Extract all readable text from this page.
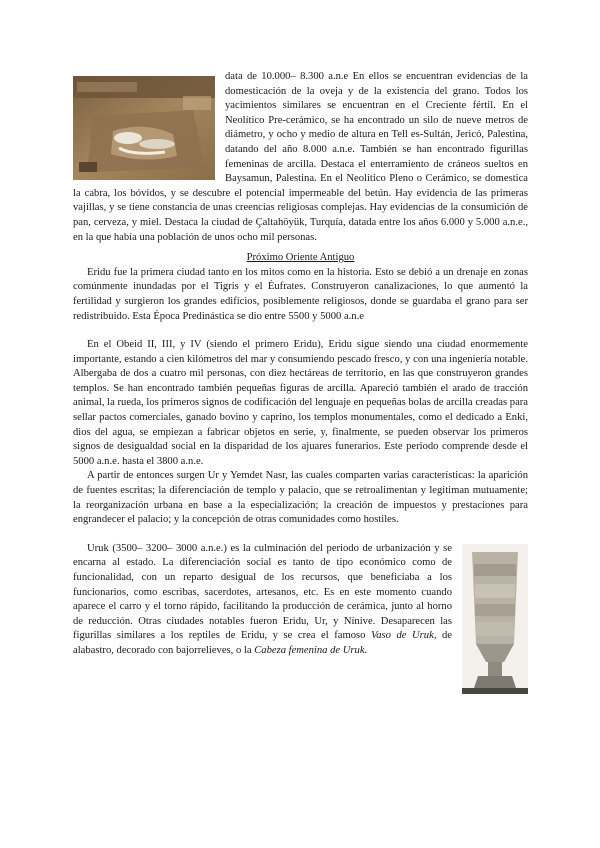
data de 10.000– 8.300 a.n.e En ellos se encuentran evidencias de la domesticación de la oveja y de la existencia del grano. Todos los yacimientos similares se encuentran en el Creciente fértil. En el Neolítico Pre-cerámico, se ha encontrado un silo de nueve metros de diámetro, y ocho y medio de altura en Tell es-Sultán, Jericó, Palestina, datando del año 8.000 a.n.e. También se han encontrado figurillas femeninas de arcilla. Destaca el enterramiento de cráneos sueltos en Baysamun, Palestina. En el Neolítico Pleno o Cerámico, se domestica la cabra, los bóvidos, y se descubre el potencial impermeable del betún. Hay evidencia de las primeras vajillas, y se tiene constancia de unas creencias religiosas complejas. Hay evidencias de la consumición de pan, cerveza, y miel. Destaca la ciudad de Çaltahöyük, Turquía, datada entre los años 6.000 y 5.000 a.n.e., en la que había una población de unos ocho mil personas.

Próximo Oriente Antiguo

Eridu fue la primera ciudad tanto en los mitos como en la historia. Esto se debió a un drenaje en zonas comúnmente inundadas por el Tigris y el Éufrates. Construyeron canalizaciones, lo que aumentó la fertilidad y surgieron los grandes edificios, posiblemente religiosos, donde se guardaba el grano para ser redistribuido. Esta Época Predinástica se dio entre 5500 y 5000 a.n.e

En el Obeid II, III, y IV (siendo el primero Eridu), Eridu sigue siendo una ciudad enormemente importante, estando a cien kilómetros del mar y consumiendo pescado fresco, y con una ingeniería notable. Albergaba de dos a cuatro mil personas, con diez hectáreas de territorio, en las que construyeron grandes templos. Se han encontrado también pequeñas figuras de arcilla. Apareció también el arado de tracción animal, la rueda, los primeros signos de codificación del lenguaje en pequeñas bolas de arcilla creadas para sellar pactos comerciales, ganado bovino y caprino, los templos monumentales, como el dedicado a Enki, dios del agua, se empiezan a fabricar objetos en serie, y, finalmente, se pueden observar los primeros signos de desigualdad social en la disparidad de los ajuares funerarios. Este periodo comprende desde el 5000 a.n.e. hasta el 3800 a.n.e.

A partir de entonces surgen Ur y Yemdet Nasr, las cuales comparten varias características: la aparición de fuentes escritas; la diferenciación de templo y palacio, que se retroalimentan y legitiman mutuamente; la reorganización urbana en base a la especialización; la creación de impuestos y prestaciones para engrandecer el palacio; y la concepción de otras comunidades como hostiles.

Uruk (3500– 3200– 3000 a.n.e.) es la culminación del periodo de urbanización y se encarna al estado. La diferenciación social es tanto de tipo económico como de funcionalidad, con un reparto desigual de los recursos, que beneficiaba a los funcionarios, como escribas, sacerdotes, artesanos, etc. Es en este momento cuando aparece el carro y el torno rápido, facilitando la producción de cerámica, junto al horno de reducción. Otras ciudades notables fueron Eridu, Ur, y Nínive. Desaparecen las figurillas similares a los reptiles de Eridu, y se crea el famoso Vaso de Uruk, de alabastro, decorado con bajorrelieves, o la Cabeza femenina de Uruk.
